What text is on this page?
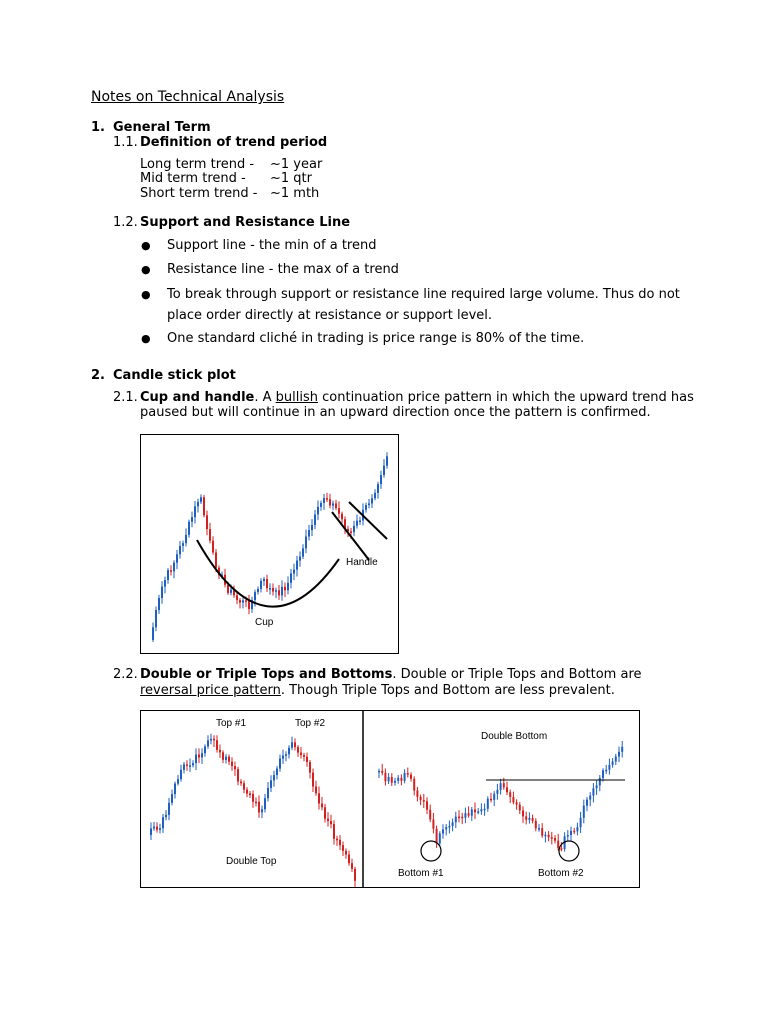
Notes on Technical Analysis
1. General Term
1.1. Definition of trend period
Long term trend - ~1 year
Mid term trend - ~1 qtr
Short term trend - ~1 mth
1.2. Support and Resistance Line
● Support line - the min of a trend
● Resistance line - the max of a trend
● To break through support or resistance line required large volume. Thus do not
place order directly at resistance or support level.
● One standard cliché in trading is price range is 80% of the time.
2. Candle stick plot
2.1. Cup and handle. A bullish continuation price pattern in which the upward trend has
paused but will continue in an upward direction once the pattern is confirmed.
Cup
Handle
2.2. Double or Triple Tops and Bottoms. Double or Triple Tops and Bottom are
reversal price pattern. Though Triple Tops and Bottom are less prevalent.
Top #1	Top #2
Double Top
Double Bottom
Bottom #1	Bottom #2
